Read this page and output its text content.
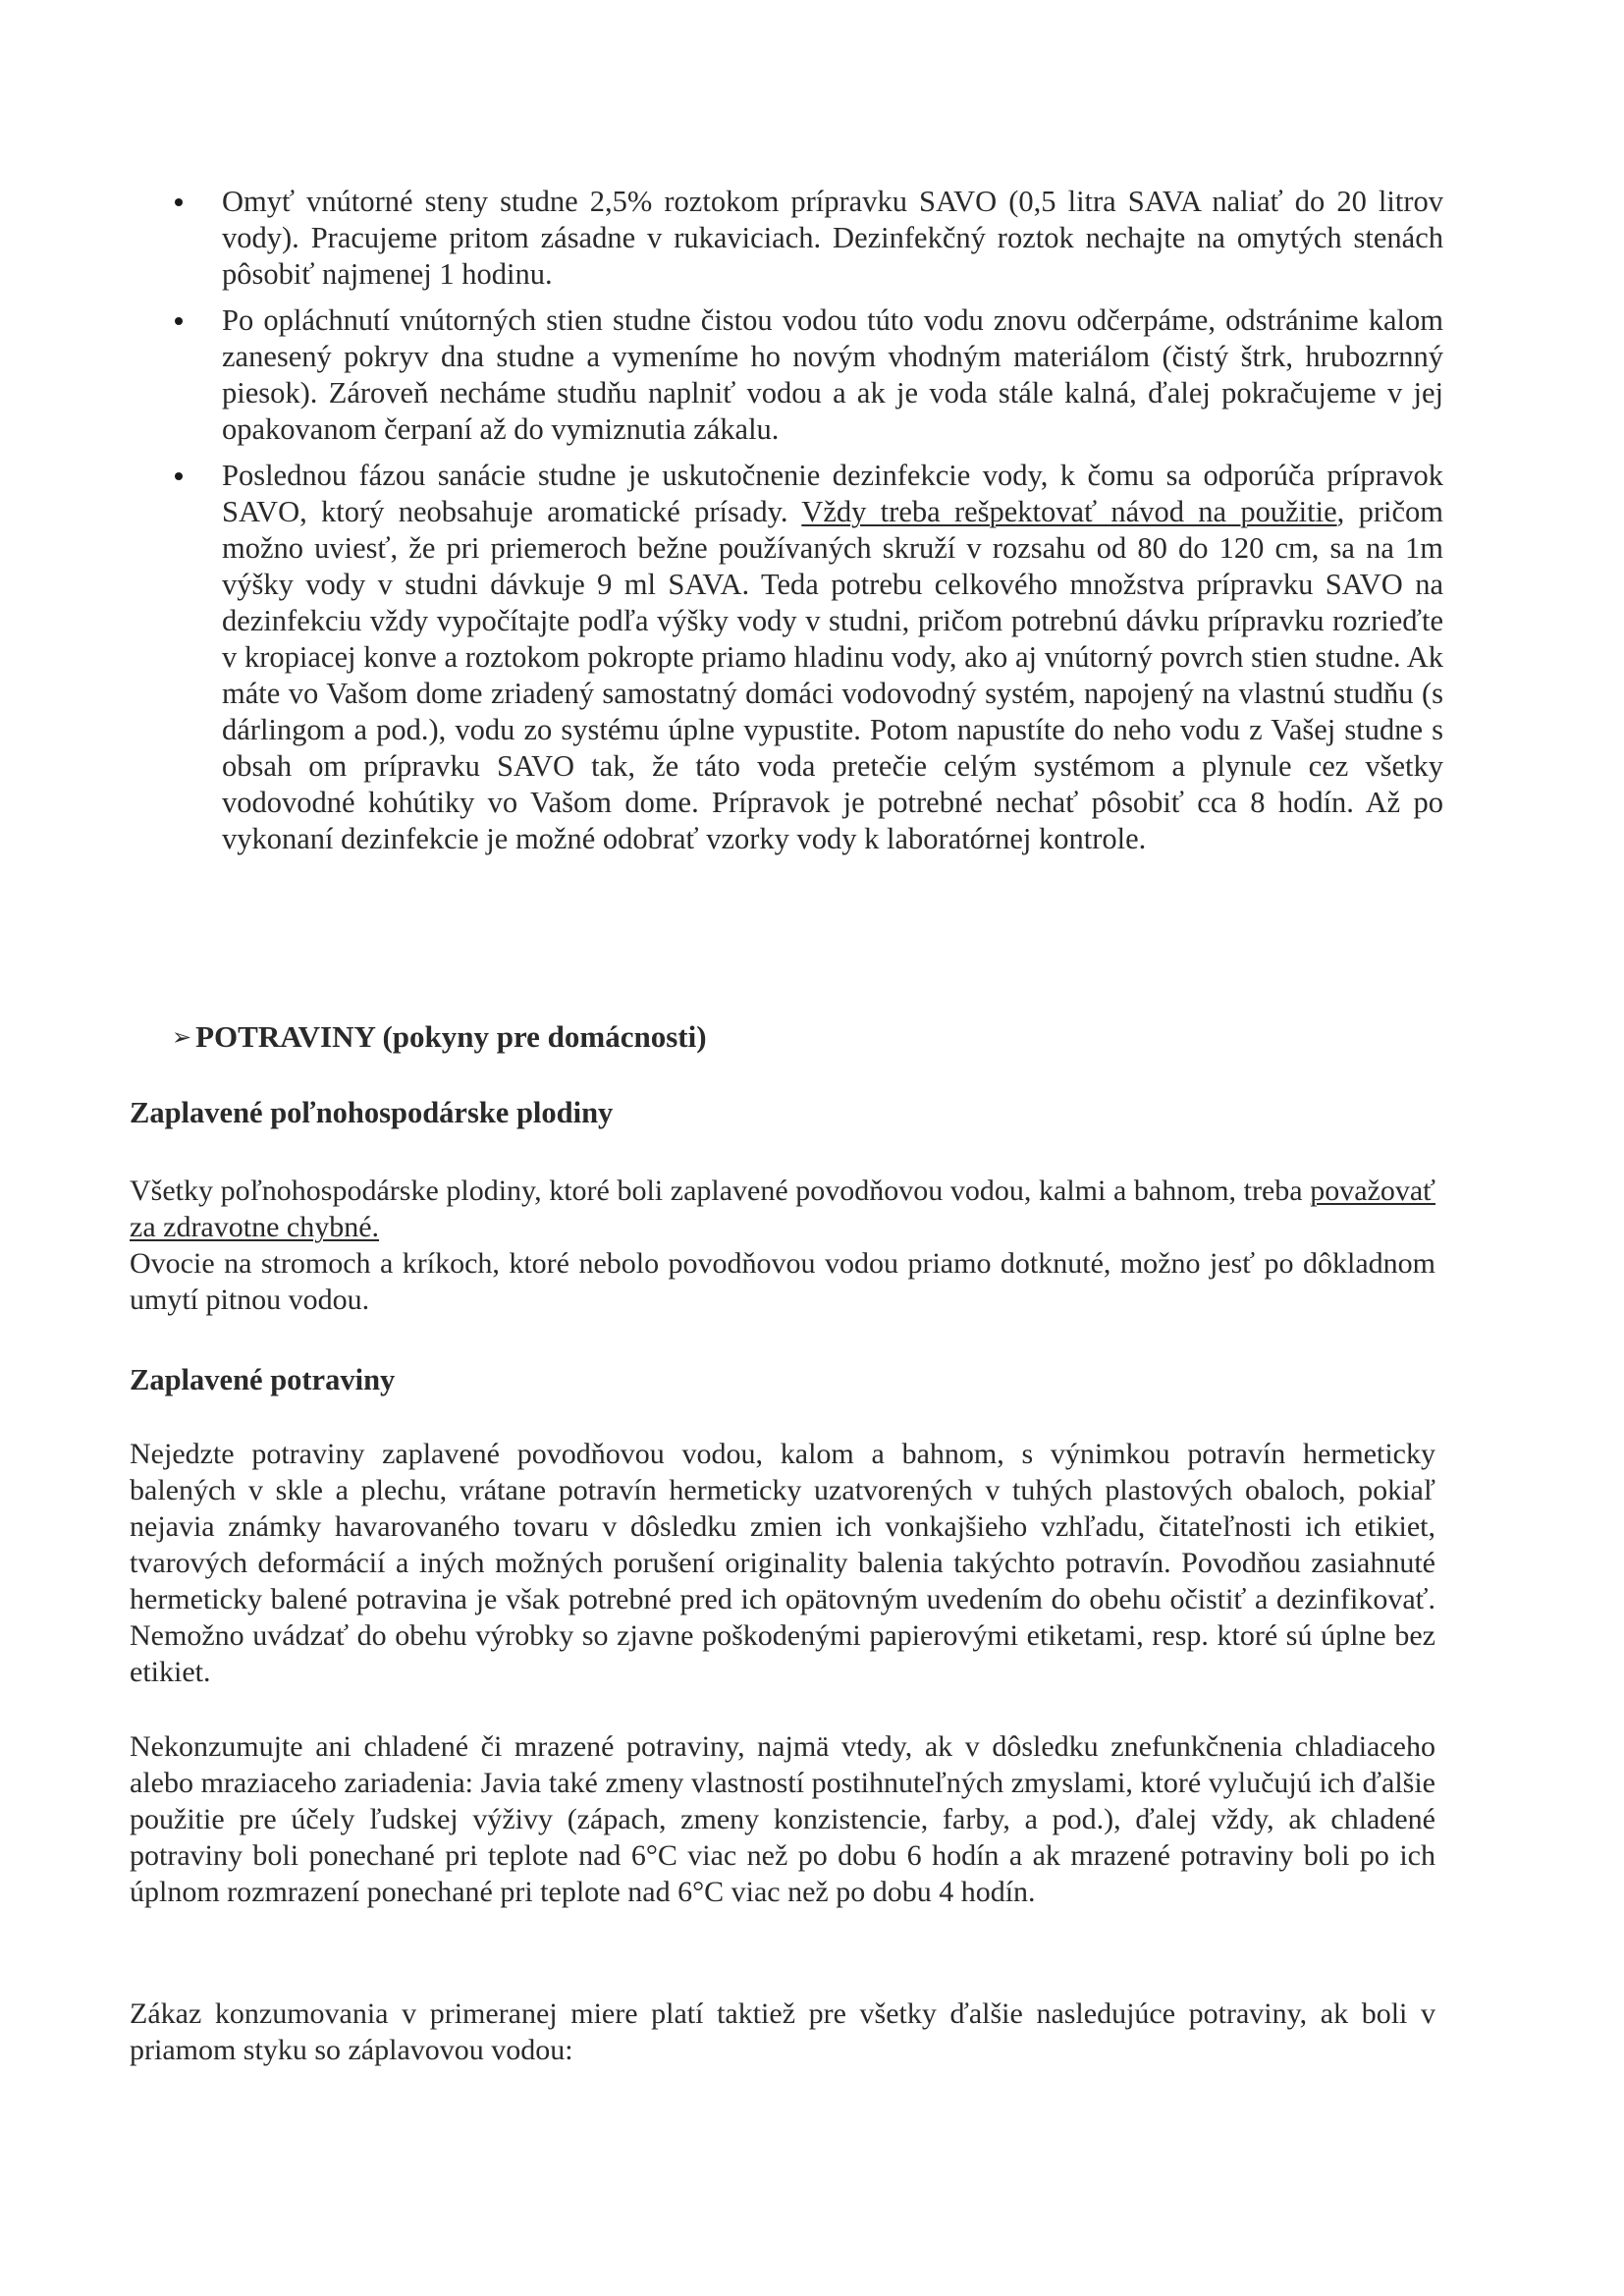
Omyť vnútorné steny studne 2,5% roztokom prípravku SAVO (0,5 litra SAVA naliať do 20 litrov vody). Pracujeme pritom zásadne v rukaviciach. Dezinfekčný roztok nechajte na omytých stenách pôsobiť najmenej 1 hodinu.
Po opláchnutí vnútorných stien studne čistou vodou túto vodu znovu odčerpáme, odstránime kalom zanesený pokryv dna studne a vymeníme ho novým vhodným materiálom (čistý štrk, hrubozrnný piesok). Zároveň necháme studňu naplniť vodou a ak je voda stále kalná, ďalej pokračujeme v jej opakovanom čerpaní až do vymiznutia zákalu.
Poslednou fázou sanácie studne je uskutočnenie dezinfekcie vody, k čomu sa odporúča prípravok SAVO, ktorý neobsahuje aromatické prísady. Vždy treba rešpektovať návod na použitie, pričom možno uviesť, že pri priemeroch bežne používaných skruží v rozsahu od 80 do 120 cm, sa na 1m výšky vody v studni dávkuje 9 ml SAVA. Teda potrebu celkového množstva prípravku SAVO na dezinfekciu vždy vypočítajte podľa výšky vody v studni, pričom potrebnú dávku prípravku rozrieďte v kropiacej konve a roztokom pokropte priamo hladinu vody, ako aj vnútorný povrch stien studne. Ak máte vo Vašom dome zriadený samostatný domáci vodovodný systém, napojený na vlastnú studňu (s dárlingom a pod.), vodu zo systému úplne vypustite. Potom napustíte do neho vodu z Vašej studne s obsah om prípravku SAVO tak, že táto voda pretečie celým systémom a plynule cez všetky vodovodné kohútiky vo Vašom dome. Prípravok je potrebné nechať pôsobiť cca 8 hodín. Až po vykonaní dezinfekcie je možné odobrať vzorky vody k laboratórnej kontrole.
➢ POTRAVINY (pokyny pre domácnosti)
Zaplavené poľnohospodárske plodiny

Všetky poľnohospodárske plodiny, ktoré boli zaplavené povodňovou vodou, kalmi a bahnom, treba považovať za zdravotne chybné.
Ovocie na stromoch a kríkoch, ktoré nebolo povodňovou vodou priamo dotknuté, možno jesť po dôkladnom umytí pitnou vodou.

Zaplavené potraviny

Nejedzte potraviny zaplavené povodňovou vodou, kalom a bahnom, s výnimkou potravín hermeticky balených v skle a plechu, vrátane potravín hermeticky uzatvorených v tuhých plastových obaloch, pokiaľ nejavia známky havarovaného tovaru v dôsledku zmien ich vonkajšieho vzhľadu, čitateľnosti ich etikiet, tvarových deformácií a iných možných porušení originality balenia takýchto potravín. Povodňou zasiahnuté hermeticky balené potravina je však potrebné pred ich opätovným uvedením do obehu očistiť a dezinfikovať. Nemožno uvádzať do obehu výrobky so zjavne poškodenými papierovými etiketami, resp. ktoré sú úplne bez etikiet.

Nekonzumujte ani chladené či mrazené potraviny, najmä vtedy, ak v dôsledku znefunkčnenia chladiaceho alebo mraziaceho zariadenia: Javia také zmeny vlastností postihnuteľných zmyslami, ktoré vylučujú ich ďalšie použitie pre účely ľudskej výživy (zápach, zmeny konzistencie, farby, a pod.), ďalej vždy, ak chladené potraviny boli ponechané pri teplote nad 6°C viac než po dobu 6 hodín a ak mrazené potraviny boli po ich úplnom rozmrazení ponechané pri teplote nad 6°C viac než po dobu 4 hodín.

Zákaz konzumovania v primeranej miere platí taktiež pre všetky ďalšie nasledujúce potraviny, ak boli v priamom styku so záplavovou vodou:
